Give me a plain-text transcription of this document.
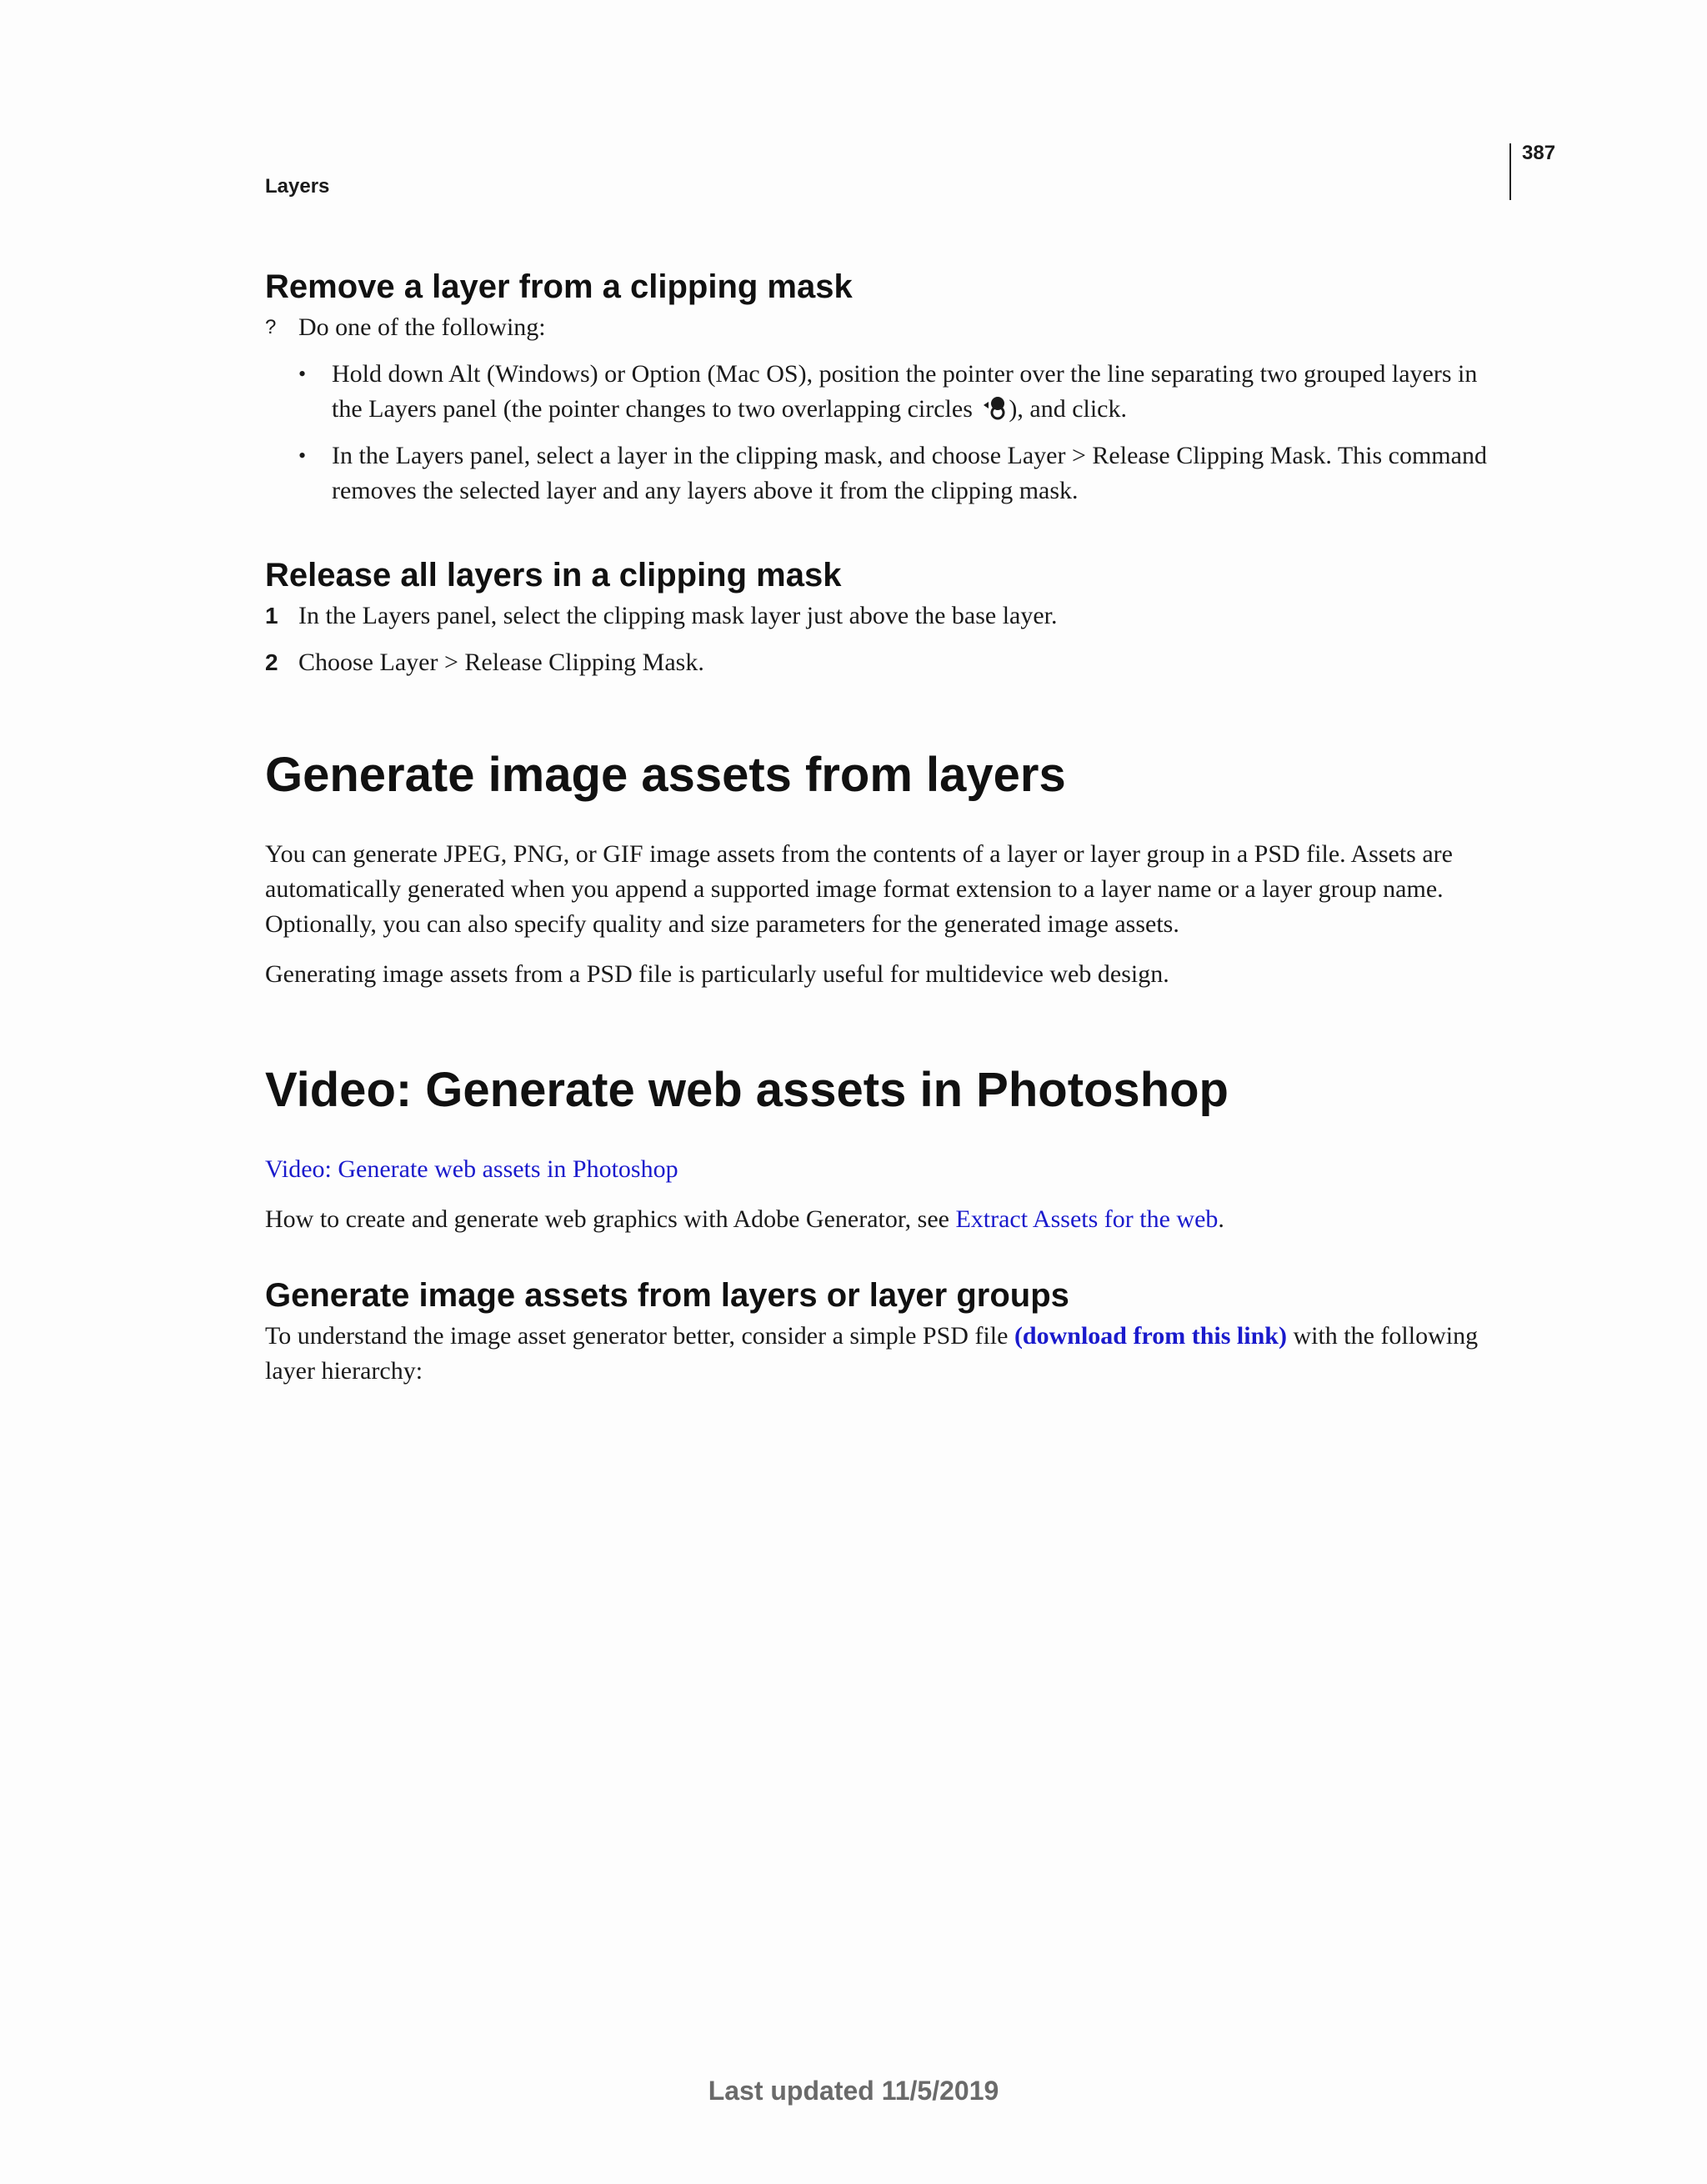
387
Layers
Remove a layer from a clipping mask
? Do one of the following:
•	Hold down Alt (Windows) or Option (Mac OS), position the pointer over the line separating two grouped layers in the Layers panel (the pointer changes to two overlapping circles ), and click.
•	In the Layers panel, select a layer in the clipping mask, and choose Layer > Release Clipping Mask. This command removes the selected layer and any layers above it from the clipping mask.
Release all layers in a clipping mask
1 In the Layers panel, select the clipping mask layer just above the base layer.
2 Choose Layer > Release Clipping Mask.
Generate image assets from layers

You can generate JPEG, PNG, or GIF image assets from the contents of a layer or layer group in a PSD file. Assets are automatically generated when you append a supported image format extension to a layer name or a layer group name. Optionally, you can also specify quality and size parameters for the generated image assets.

Generating image assets from a PSD file is particularly useful for multidevice web design.

Video: Generate web assets in Photoshop

Video: Generate web assets in Photoshop

How to create and generate web graphics with Adobe Generator, see Extract Assets for the web.

Generate image assets from layers or layer groups

To understand the image asset generator better, consider a simple PSD file (download from this link) with the following layer hierarchy:

Last updated 11/5/2019
